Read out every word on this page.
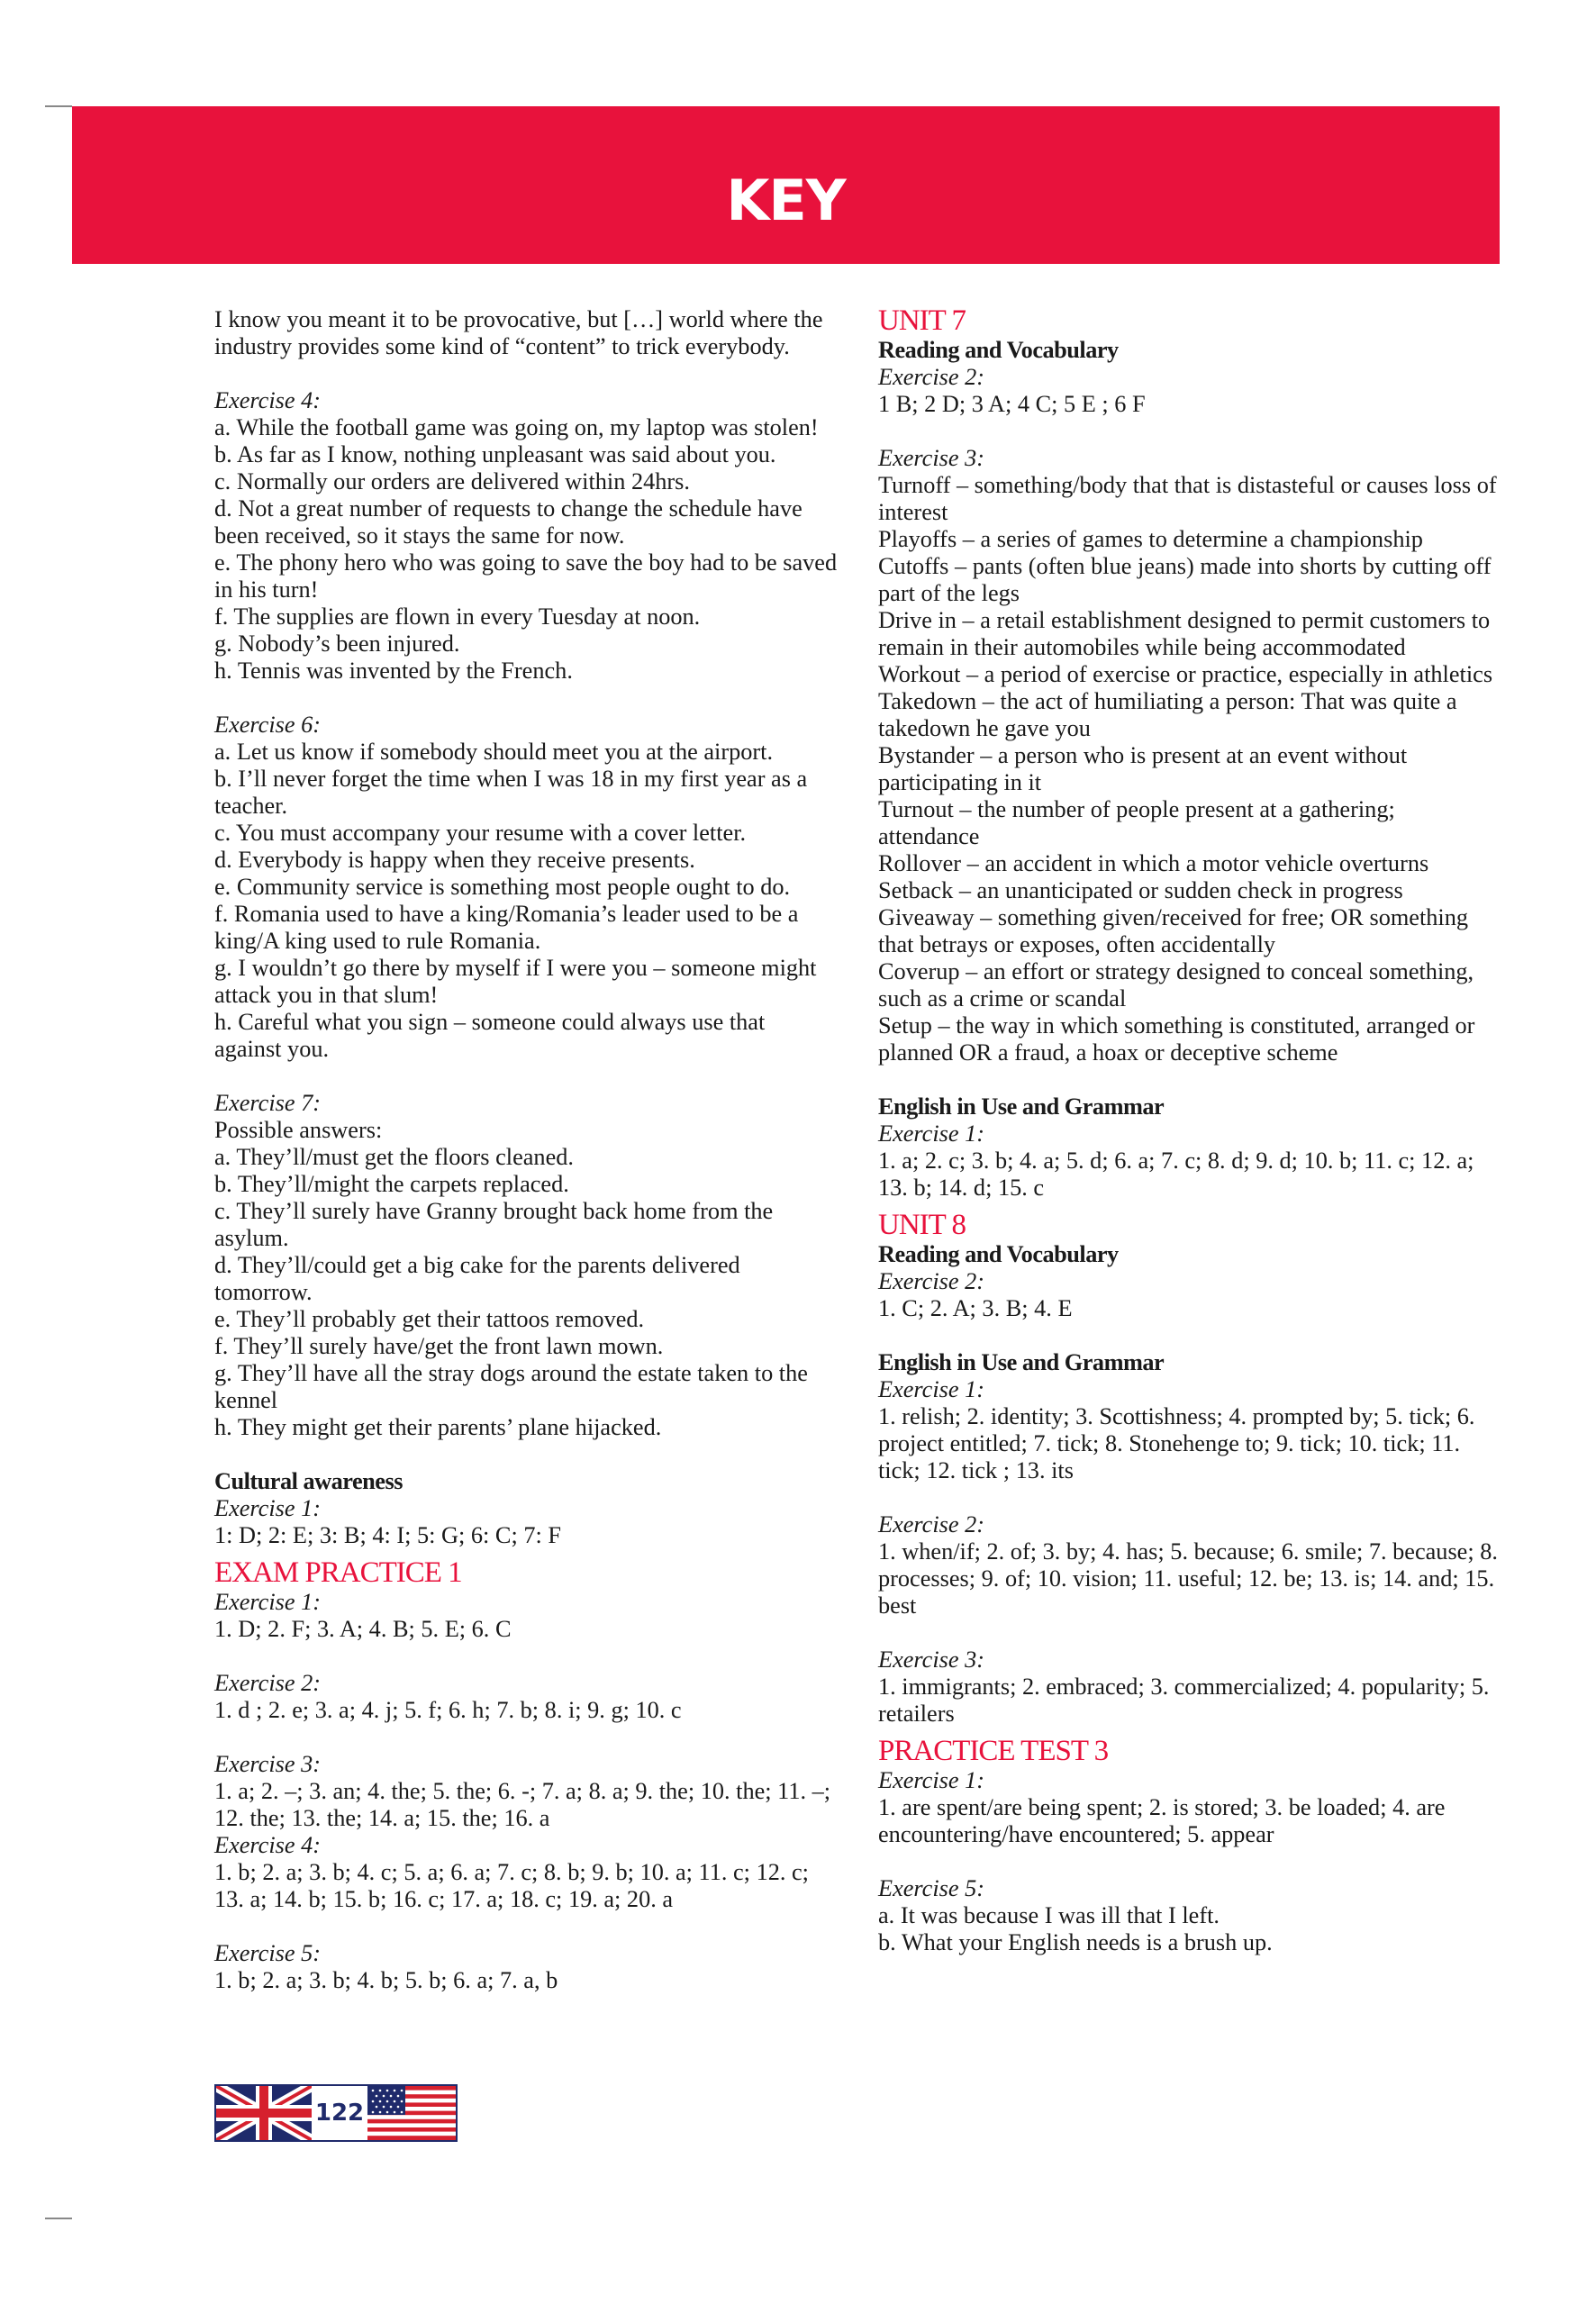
KEY

I know you meant it to be provocative, but […] world where the industry provides some kind of “content” to trick everybody.

Exercise 4:

a. While the football game was going on, my laptop was stolen!

b. As far as I know, nothing unpleasant was said about you.

c. Normally our orders are delivered within 24hrs.

d. Not a great number of requests to change the schedule have been received, so it stays the same for now.

e. The phony hero who was going to save the boy had to be saved in his turn!

f. The supplies are flown in every Tuesday at noon.

g. Nobody’s been injured.

h. Tennis was invented by the French.

Exercise 6:

a. Let us know if somebody should meet you at the airport.

b. I’ll never forget the time when I was 18 in my first year as a teacher.

c. You must accompany your resume with a cover letter.

d. Everybody is happy when they receive presents.

e. Community service is something most people ought to do.

f. Romania used to have a king/Romania’s leader used to be a king/A king used to rule Romania.

g. I wouldn’t go there by myself if I were you – someone might attack you in that slum!

h. Careful what you sign – someone could always use that against you.

Exercise 7:

Possible answers:

a. They’ll/must get the floors cleaned.

b. They’ll/might the carpets replaced.

c. They’ll surely have Granny brought back home from the asylum.

d. They’ll/could get a big cake for the parents delivered tomorrow.

e. They’ll probably get their tattoos removed.

f. They’ll surely have/get the front lawn mown.

g. They’ll have all the stray dogs around the estate taken to the kennel

h. They might get their parents’ plane hijacked.

Cultural awareness

Exercise 1:

1: D; 2: E; 3: B; 4: I; 5: G; 6: C; 7: F

EXAM PRACTICE 1

Exercise 1:

1. D; 2. F; 3. A; 4. B; 5. E; 6. C

Exercise 2:

1. d ; 2. e; 3. a; 4. j; 5. f; 6. h; 7. b; 8. i; 9. g; 10. c

Exercise 3:

1. a; 2. –; 3. an; 4. the; 5. the; 6. -; 7. a; 8. a; 9. the; 10. the; 11. –; 12. the; 13. the; 14. a; 15. the; 16. a

Exercise 4:

1. b; 2. a; 3. b; 4. c; 5. a; 6. a; 7. c; 8. b; 9. b; 10. a; 11. c; 12. c; 13. a; 14. b; 15. b; 16. c; 17. a; 18. c; 19. a; 20. a

Exercise 5:

1. b; 2. a; 3. b; 4. b; 5. b; 6. a; 7. a, b

UNIT 7

Reading and Vocabulary

Exercise 2:

1 B; 2 D; 3 A; 4 C; 5 E ; 6 F

Exercise 3:

Turnoff – something/body that that is distasteful or causes loss of interest

Playoffs – a series of games to determine a championship

Cutoffs – pants (often blue jeans) made into shorts by cutting off part of the legs

Drive in – a retail establishment designed to permit customers to remain in their automobiles while being accommodated

Workout – a period of exercise or practice, especially in athletics

Takedown – the act of humiliating a person: That was quite a takedown he gave you

Bystander – a person who is present at an event without participating in it

Turnout – the number of people present at a gathering; attendance

Rollover – an accident in which a motor vehicle overturns

Setback – an unanticipated or sudden check in progress

Giveaway – something given/received for free; OR something that betrays or exposes, often accidentally

Coverup – an effort or strategy designed to conceal something, such as a crime or scandal

Setup – the way in which something is constituted, arranged or planned OR a fraud, a hoax or deceptive scheme

English in Use and Grammar

Exercise 1:

1. a; 2. c; 3. b; 4. a; 5. d; 6. a; 7. c; 8. d; 9. d; 10. b; 11. c; 12. a; 13. b; 14. d; 15. c

UNIT 8

Reading and Vocabulary

Exercise 2:

1. C; 2. A; 3. B; 4. E

English in Use and Grammar

Exercise 1:

1. relish; 2. identity; 3. Scottishness; 4. prompted by; 5. tick; 6. project entitled; 7. tick; 8. Stonehenge to; 9. tick; 10. tick; 11. tick; 12. tick ; 13. its

Exercise 2:

1. when/if; 2. of; 3. by; 4. has; 5. because; 6. smile; 7. because; 8. processes; 9. of; 10. vision; 11. useful; 12. be; 13. is; 14. and; 15. best

Exercise 3:

1. immigrants; 2. embraced; 3. commercialized; 4. popularity; 5. retailers

PRACTICE TEST 3

Exercise 1:

1. are spent/are being spent; 2. is stored; 3. be loaded; 4. are encountering/have encountered; 5. appear

Exercise 5:

a. It was because I was ill that I left.

b. What your English needs is a brush up.

122
